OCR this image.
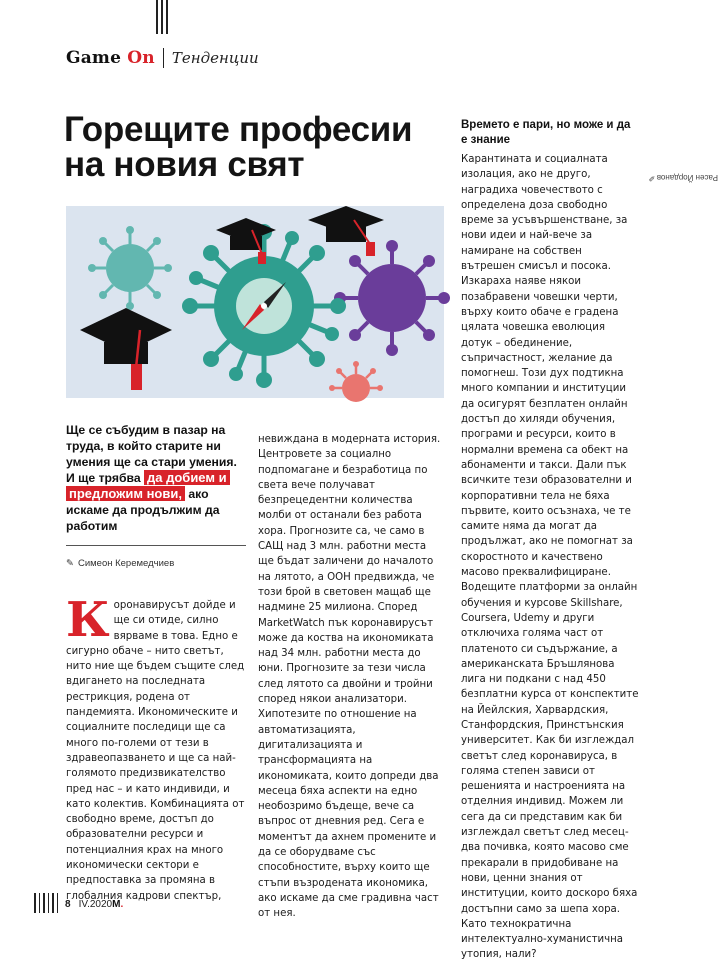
Game On Тенденции
Горещите професии
на новия свят	✎ Расен Йорданов
Ще се събудим в пазар на труда, в който старите ни умения ще са стари умения. И ще трябва да добием и предложим нови, ако искаме да продължим да работим
✎ Симеон Керемедчиев
Коронавирусът дойде и ще си отиде, силно вярваме в това. Едно е сигурно обаче – нито светът, нито ние ще бъдем същите след вдигането на последната рестрикция, родена от пандемията. Икономическите и социалните последици ще са много по-големи от тези в здравеопазването и ще са най-голямото предизвикателство пред нас – и като индивиди, и като колектив. Комбинацията от свободно време, достъп до образователни ресурси и потенциалния крах на много икономически сектори е предпоставка за промяна в глобалния кадрови спектър,
невиждана в модерната история. Центровете за социално подпомагане и безработица по света вече получават безпрецедентни количества молби от останали без работа хора. Прогнозите са, че само в САЩ над 3 млн. работни места ще бъдат заличени до началото на лятото, а ООН предвижда, че този брой в световен мащаб ще надмине 25 милиона. Според MarketWatch пък коронавирусът може да коства на икономиката над 34 млн. работни места до юни. Прогнозите за тези числа след лятото са двойни и тройни според някои анализатори. Хипотезите по отношение на автоматизацията, дигитализацията и трансформацията на икономиката, които допреди два месеца бяха аспекти на едно необозримо бъдеще, вече са въпрос от дневния ред. Сега е моментът да ахнем промените и да се оборудваме със способностите, върху които ще стъпи възродената икономика, ако искаме да сме градивна част от нея.
Времето е пари, но може и да е знание
Карантината и социалната изолация, ако не друго, наградиха човечеството с определена доза свободно време за усъвършенстване, за нови идеи и най-вече за намиране на собствен вътрешен смисъл и посока. Изкараха наяве някои позабравени човешки черти, върху които обаче е градена цялата човешка еволюция дотук – обединение, съпричастност, желание да помогнеш. Този дух подтикна много компании и институции да осигурят безплатен онлайн достъп до хиляди обучения, програми и ресурси, които в нормални времена са обект на абонаменти и такси. Дали пък всичките тези образователни и корпоративни тела не бяха първите, които осъзнаха, че те самите няма да могат да продължат, ако не помогнат за скоростното и качествено масово преквалифициране. Водещите платформи за онлайн обучения и курсове Skillshare, Coursera, Udemy и други отключиха голяма част от платеното си съдържание, а американската Бръшлянова лига ни подкани с над 450 безплатни курса от конспектите на Йейлския, Харвардския, Станфордския, Принстънския университет. Как би изглеждал светът след коронавируса, в голяма степен зависи от решенията и настроенията на отделния индивид. Можем ли сега да си представим как би изглеждал светът след месец-два почивка, която масово сме прекарали в придобиване на нови, ценни знания от институции, които доскоро бяха достъпни само за шепа хора. Като технократична интелектуално-хуманистична утопия, нали?
8 IV.2020 M.
